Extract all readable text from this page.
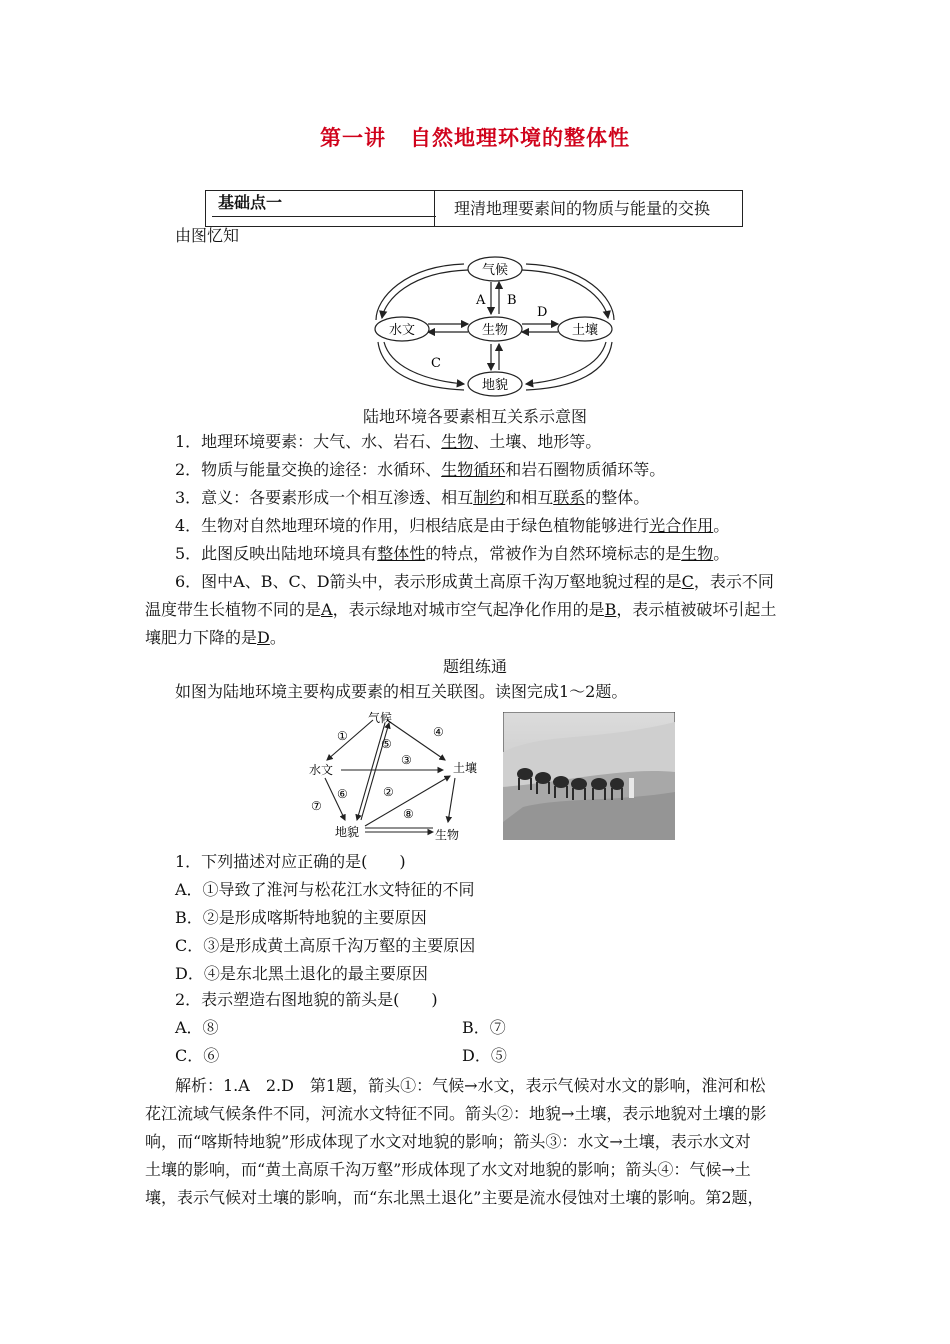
第一讲 自然地理环境的整体性
基础点一	理清地理要素间的物质与能量的交换
由图忆知
气候
水文	生物	土壤
地貌
A B
C
D
陆地环境各要素相互关系示意图
1．地理环境要素：大气、水、岩石、生物、土壤、地形等。
2．物质与能量交换的途径：水循环、生物循环和岩石圈物质循环等。
3．意义：各要素形成一个相互渗透、相互制约和相互联系的整体。
4．生物对自然地理环境的作用，归根结底是由于绿色植物能够进行光合作用。
5．此图反映出陆地环境具有整体性的特点，常被作为自然环境标志的是生物。
6．图中A、B、C、D箭头中，表示形成黄土高原千沟万壑地貌过程的是C，表示不同
温度带生长植物不同的是A，表示绿地对城市空气起净化作用的是B，表示植被破坏引起土
壤肥力下降的是D。
题组练通
如图为陆地环境主要构成要素的相互关联图。读图完成1～2题。
气候
水文	土壤
地貌	生物
①
②
③
④
⑤
⑥
⑦
⑧
1．下列描述对应正确的是(　　)
A．①导致了淮河与松花江水文特征的不同
B．②是形成喀斯特地貌的主要原因
C．③是形成黄土高原千沟万壑的主要原因
D．④是东北黑土退化的最主要原因
2．表示塑造右图地貌的箭头是(　　)
A．⑧	B．⑦
C．⑥	D．⑤
解析：1.A　2.D　第1题，箭头①：气候→水文，表示气候对水文的影响，淮河和松
花江流域气候条件不同，河流水文特征不同。箭头②：地貌→土壤，表示地貌对土壤的影
响，而“喀斯特地貌”形成体现了水文对地貌的影响；箭头③：水文→土壤，表示水文对
土壤的影响，而“黄土高原千沟万壑”形成体现了水文对地貌的影响；箭头④：气候→土
壤，表示气候对土壤的影响，而“东北黑土退化”主要是流水侵蚀对土壤的影响。第2题，
